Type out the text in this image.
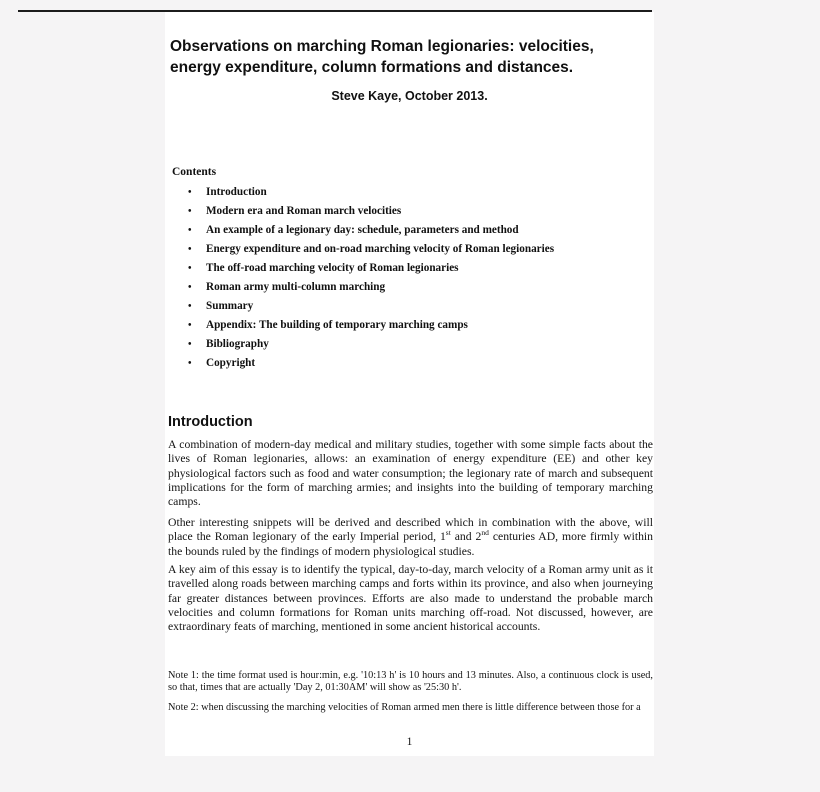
Observations on marching Roman legionaries: velocities,
energy expenditure, column formations and distances.
Steve Kaye, October 2013.
Contents
• Introduction
• Modern era and Roman march velocities
• An example of a legionary day: schedule, parameters and method
• Energy expenditure and on-road marching velocity of Roman legionaries
• The off-road marching velocity of Roman legionaries
• Roman army multi-column marching
• Summary
• Appendix: The building of temporary marching camps
• Bibliography
• Copyright
Introduction

A combination of modern-day medical and military studies, together with some simple facts about the lives of Roman legionaries, allows: an examination of energy expenditure (EE) and other key physiological factors such as food and water consumption; the legionary rate of march and subsequent implications for the form of marching armies; and insights into the building of temporary marching camps.

Other interesting snippets will be derived and described which in combination with the above, will place the Roman legionary of the early Imperial period, 1st and 2nd centuries AD, more firmly within the bounds ruled by the findings of modern physiological studies.

A key aim of this essay is to identify the typical, day-to-day, march velocity of a Roman army unit as it travelled along roads between marching camps and forts within its province, and also when journeying far greater distances between provinces. Efforts are also made to understand the probable march velocities and column formations for Roman units marching off-road. Not discussed, however, are extraordinary feats of marching, mentioned in some ancient historical accounts.

Note 1: the time format used is hour:min, e.g. '10:13 h' is 10 hours and 13 minutes. Also, a continuous clock is used, so that, times that are actually 'Day 2, 01:30AM' will show as '25:30 h'.

Note 2: when discussing the marching velocities of Roman armed men there is little difference between those for a

1
